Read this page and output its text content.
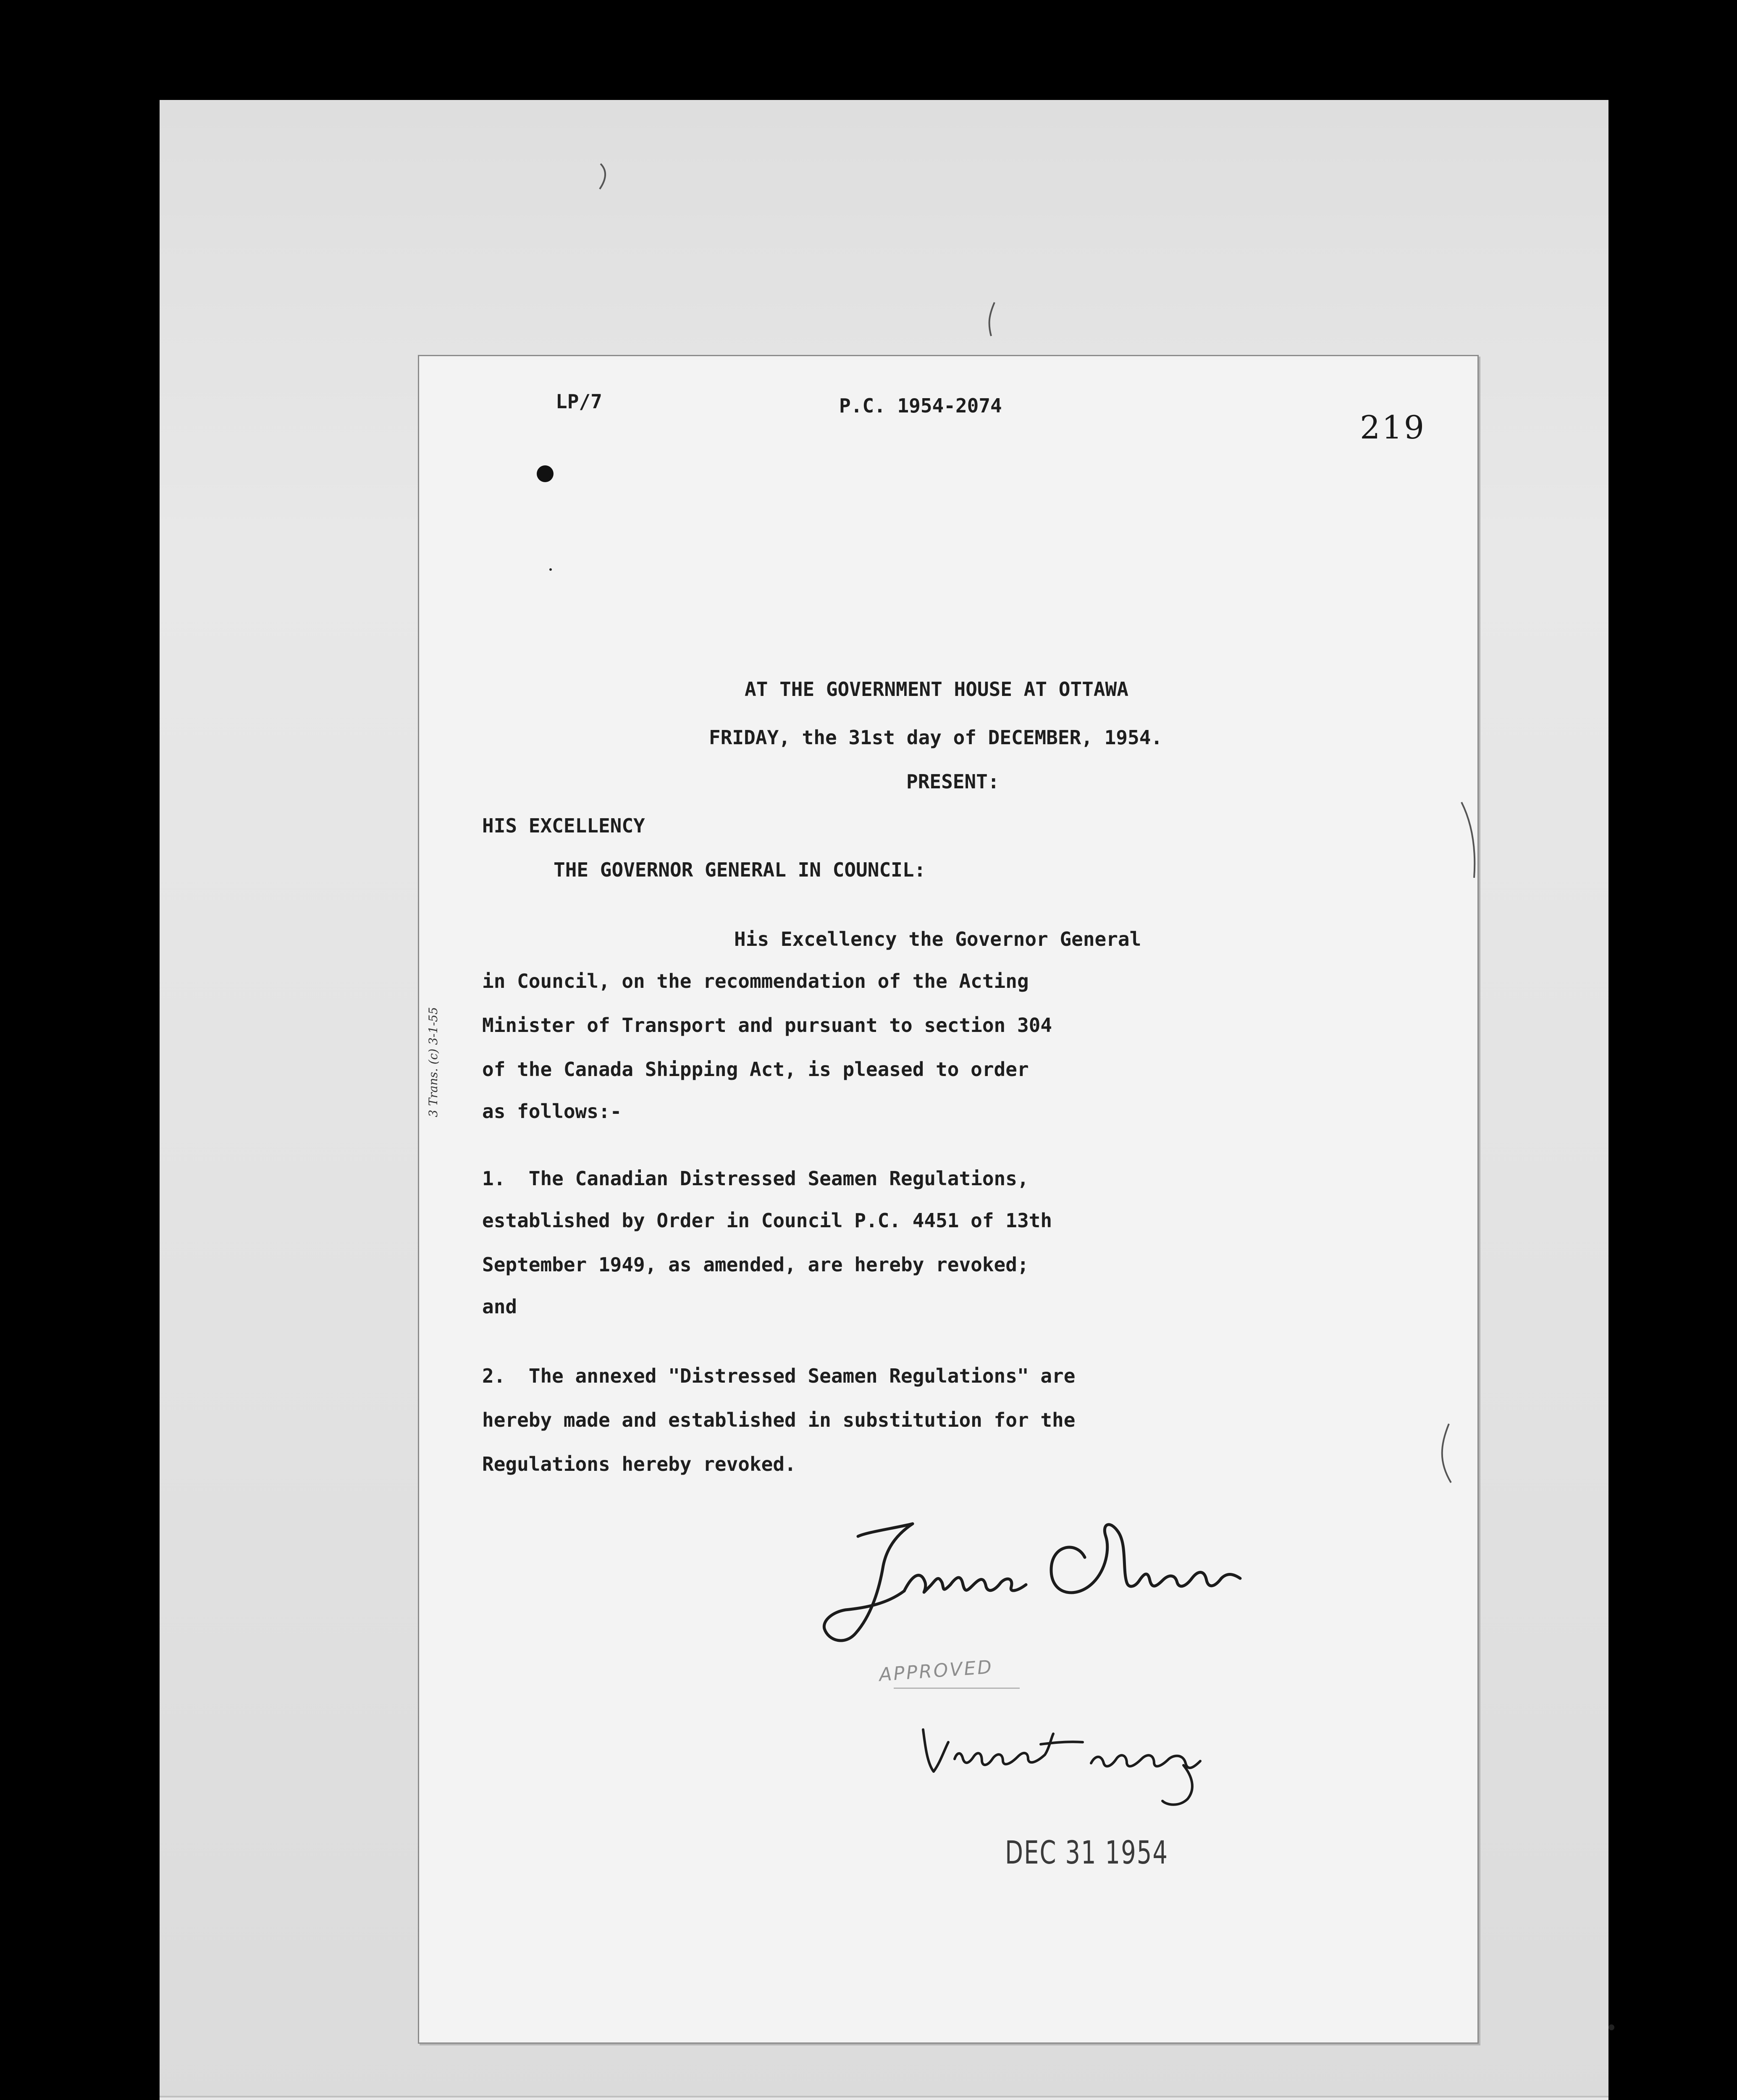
LP/7	P.C. 1954-2074
219
AT THE GOVERNMENT HOUSE AT OTTAWA
FRIDAY, the 31st day of DECEMBER, 1954.
PRESENT:
HIS EXCELLENCY
THE GOVERNOR GENERAL IN COUNCIL:
His Excellency the Governor General
in Council, on the recommendation of the Acting
Minister of Transport and pursuant to section 304
of the Canada Shipping Act, is pleased to order
as follows:-
1.  The Canadian Distressed Seamen Regulations,
established by Order in Council P.C. 4451 of 13th
September 1949, as amended, are hereby revoked;
and
2.  The annexed "Distressed Seamen Regulations" are
hereby made and established in substitution for the
Regulations hereby revoked.
APPROVED
DEC 31 1954
3 Trans. (c) 3-1-55
